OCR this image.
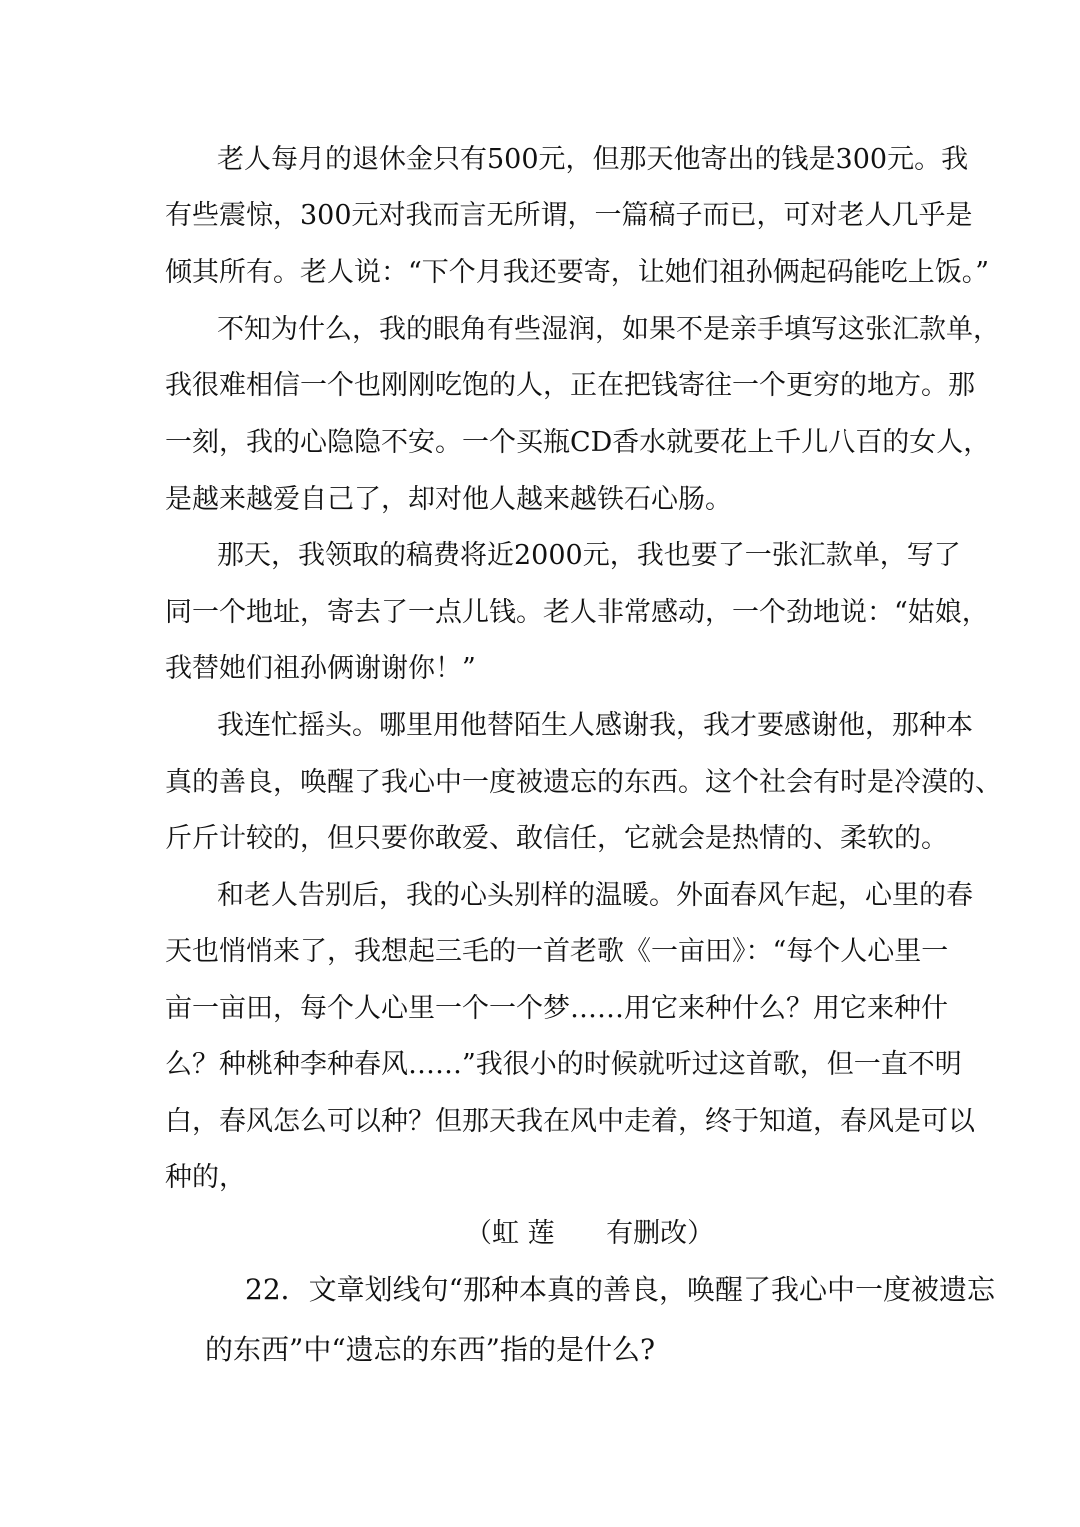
老人每月的退休金只有500元，但那天他寄出的钱是300元。我
有些震惊，300元对我而言无所谓，一篇稿子而已，可对老人几乎是
倾其所有。老人说：“下个月我还要寄，让她们祖孙俩起码能吃上饭。”
不知为什么，我的眼角有些湿润，如果不是亲手填写这张汇款单，
我很难相信一个也刚刚吃饱的人，正在把钱寄往一个更穷的地方。那
一刻，我的心隐隐不安。一个买瓶CD香水就要花上千儿八百的女人，
是越来越爱自己了，却对他人越来越铁石心肠。
那天，我领取的稿费将近2000元，我也要了一张汇款单，写了
同一个地址，寄去了一点儿钱。老人非常感动，一个劲地说：“姑娘，
我替她们祖孙俩谢谢你！”
我连忙摇头。哪里用他替陌生人感谢我，我才要感谢他，那种本
真的善良，唤醒了我心中一度被遗忘的东西。这个社会有时是冷漠的、
斤斤计较的，但只要你敢爱、敢信任，它就会是热情的、柔软的。
和老人告别后，我的心头别样的温暖。外面春风乍起，心里的春
天也悄悄来了，我想起三毛的一首老歌《一亩田》：“每个人心里一
亩一亩田，每个人心里一个一个梦……用它来种什么？用它来种什
么？种桃种李种春风……”我很小的时候就听过这首歌，但一直不明
白，春风怎么可以种？但那天我在风中走着，终于知道，春风是可以
种的，
（虹 莲      有删改）
22．文章划线句“那种本真的善良，唤醒了我心中一度被遗忘
的东西”中“遗忘的东西”指的是什么?
